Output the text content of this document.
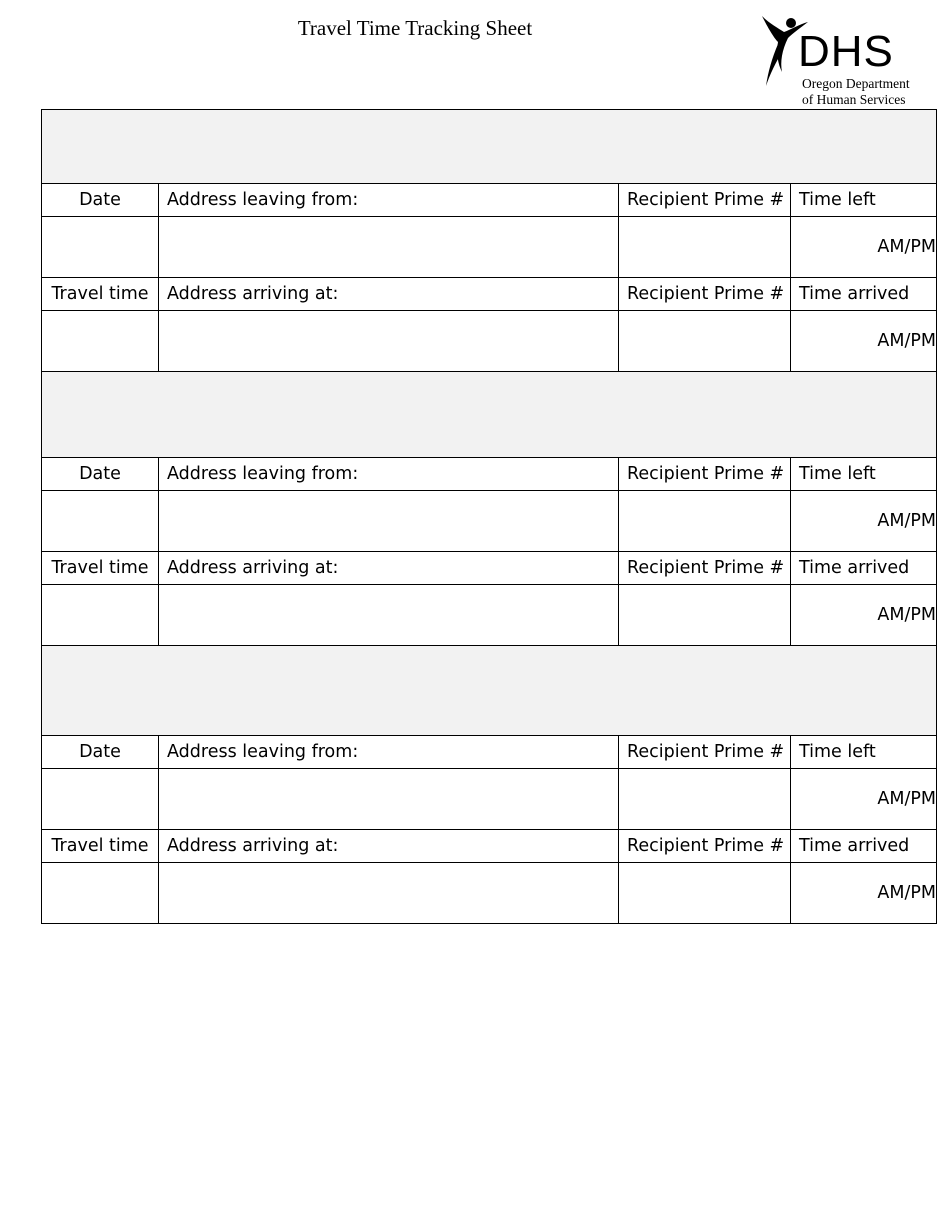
Travel Time Tracking Sheet	DHS
Oregon Department
of Human Services

Date	Address leaving from:	Recipient Prime #	Time left
			AM/PM
Travel time	Address arriving at:	Recipient Prime #	Time arrived
			AM/PM

Date	Address leaving from:	Recipient Prime #	Time left
			AM/PM
Travel time	Address arriving at:	Recipient Prime #	Time arrived
			AM/PM

Date	Address leaving from:	Recipient Prime #	Time left
			AM/PM
Travel time	Address arriving at:	Recipient Prime #	Time arrived
			AM/PM
